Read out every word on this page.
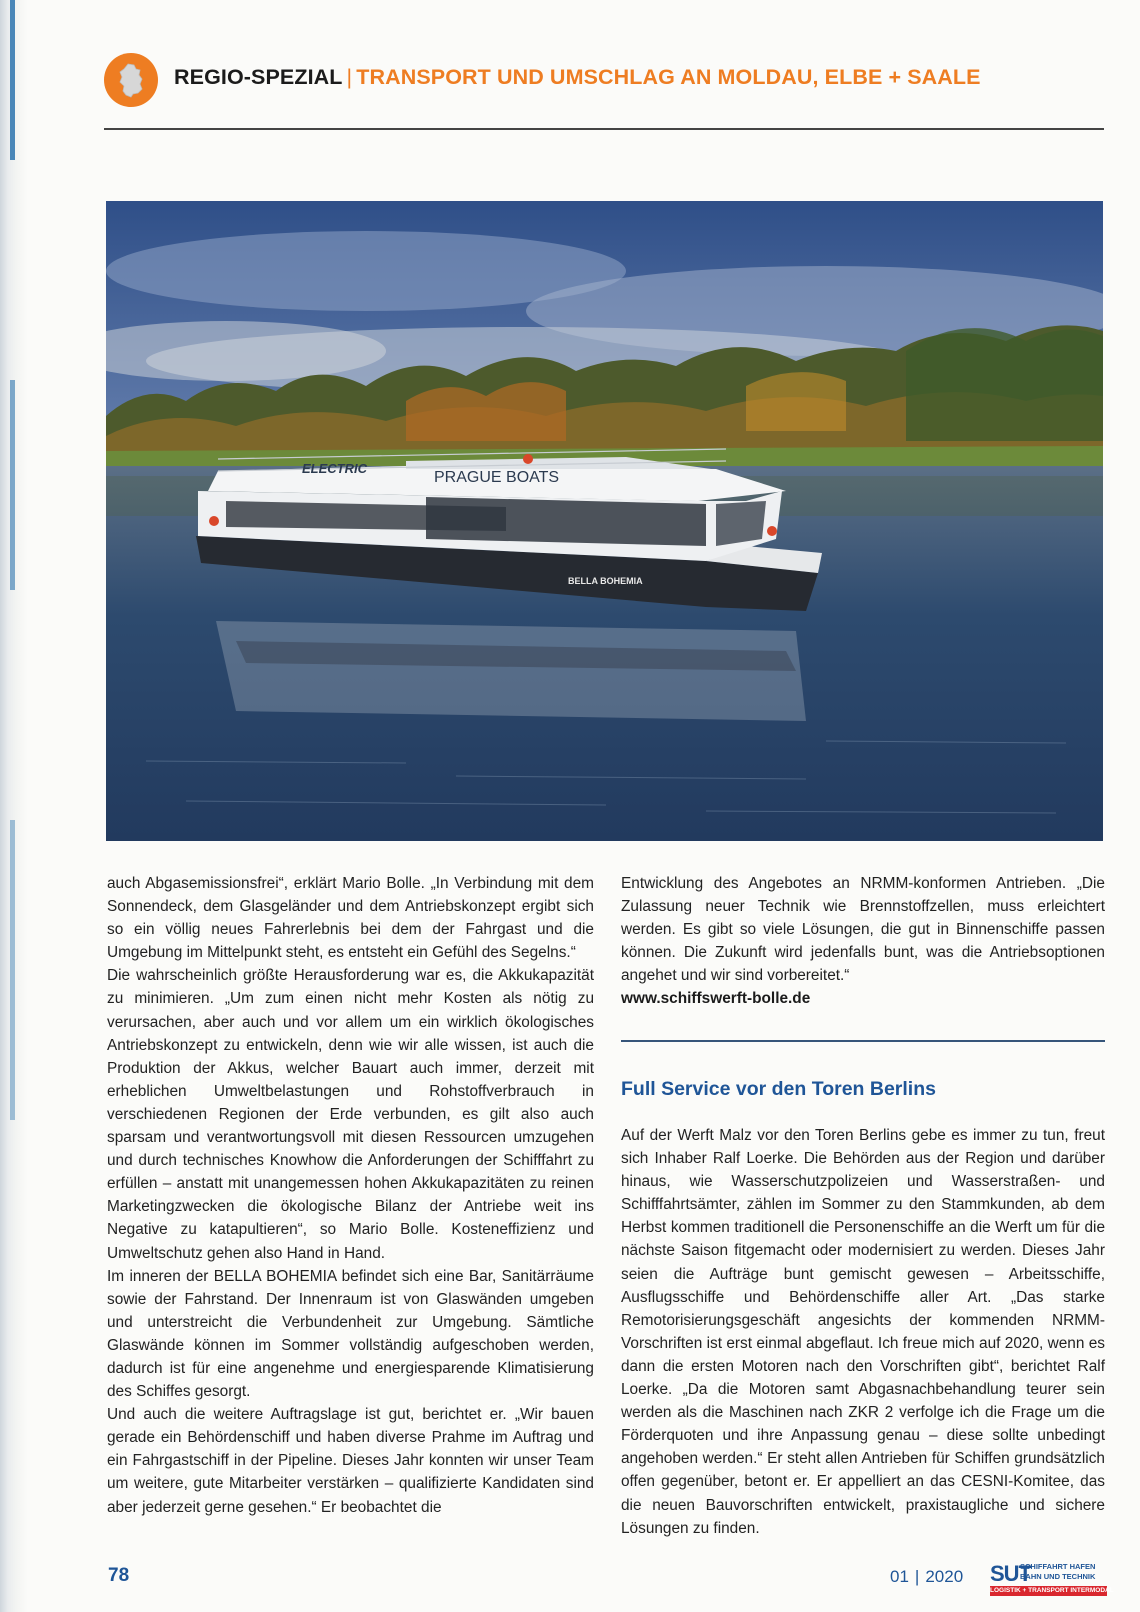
REGIO-SPEZIAL | TRANSPORT UND UMSCHLAG AN MOLDAU, ELBE + SAALE
ELECTRIC
PRAGUE BOATS
BELLA BOHEMIA

auch Abgasemissionsfrei“, erklärt Mario Bolle. „In Verbindung mit dem Sonnendeck, dem Glasgeländer und dem Antriebskonzept ergibt sich so ein völlig neues Fahrerlebnis bei dem der Fahrgast und die Umgebung im Mittelpunkt steht, es entsteht ein Gefühl des Segelns.“

Die wahrscheinlich größte Herausforderung war es, die Akkukapazität zu minimieren. „Um zum einen nicht mehr Kosten als nötig zu verursachen, aber auch und vor allem um ein wirklich ökologisches Antriebskonzept zu entwickeln, denn wie wir alle wissen, ist auch die Produktion der Akkus, welcher Bauart auch immer, derzeit mit erheblichen Umweltbelastungen und Rohstoffverbrauch in verschiedenen Regionen der Erde verbunden, es gilt also auch sparsam und verantwortungsvoll mit diesen Ressourcen umzugehen und durch technisches Knowhow die Anforderungen der Schifffahrt zu erfüllen – anstatt mit unangemessen hohen Akkukapazitäten zu reinen Marketingzwecken die ökologische Bilanz der Antriebe weit ins Negative zu katapultieren“, so Mario Bolle. Kosteneffizienz und Umweltschutz gehen also Hand in Hand.

Im inneren der BELLA BOHEMIA befindet sich eine Bar, Sanitärräume sowie der Fahrstand. Der Innenraum ist von Glaswänden umgeben und unterstreicht die Verbundenheit zur Umgebung. Sämtliche Glaswände können im Sommer vollständig aufgeschoben werden, dadurch ist für eine angenehme und energiesparende Klimatisierung des Schiffes gesorgt.

Und auch die weitere Auftragslage ist gut, berichtet er. „Wir bauen gerade ein Behördenschiff und haben diverse Prahme im Auftrag und ein Fahrgastschiff in der Pipeline. Dieses Jahr konnten wir unser Team um weitere, gute Mitarbeiter verstärken – qualifizierte Kandidaten sind aber jederzeit gerne gesehen.“ Er beobachtet die

Entwicklung des Angebotes an NRMM-konformen Antrieben. „Die Zulassung neuer Technik wie Brennstoffzellen, muss erleichtert werden. Es gibt so viele Lösungen, die gut in Binnenschiffe passen können. Die Zukunft wird jedenfalls bunt, was die Antriebsoptionen angehet und wir sind vorbereitet.“

www.schiffswerft-bolle.de

Full Service vor den Toren Berlins

Auf der Werft Malz vor den Toren Berlins gebe es immer zu tun, freut sich Inhaber Ralf Loerke. Die Behörden aus der Region und darüber hinaus, wie Wasserschutzpolizeien und Wasserstraßen- und Schifffahrtsämter, zählen im Sommer zu den Stammkunden, ab dem Herbst kommen traditionell die Personenschiffe an die Werft um für die nächste Saison fitgemacht oder modernisiert zu werden. Dieses Jahr seien die Aufträge bunt gemischt gewesen – Arbeitsschiffe, Ausflugsschiffe und Behördenschiffe aller Art. „Das starke Remotorisierungsgeschäft angesichts der kommenden NRMM-Vorschriften ist erst einmal abgeflaut. Ich freue mich auf 2020, wenn es dann die ersten Motoren nach den Vorschriften gibt“, berichtet Ralf Loerke. „Da die Motoren samt Abgasnachbehandlung teurer sein werden als die Maschinen nach ZKR 2 verfolge ich die Frage um die Förderquoten und ihre Anpassung genau – diese sollte unbedingt angehoben werden.“ Er steht allen Antrieben für Schiffen grundsätzlich offen gegenüber, betont er. Er appelliert an das CESNI-Komitee, das die neuen Bauvorschriften entwickelt, praxistaugliche und sichere Lösungen zu finden.

78	01 | 2020 SUT
SCHIFFAHRT HAFEN
BAHN UND TECHNIK
LOGISTIK + TRANSPORT INTERMODAL
